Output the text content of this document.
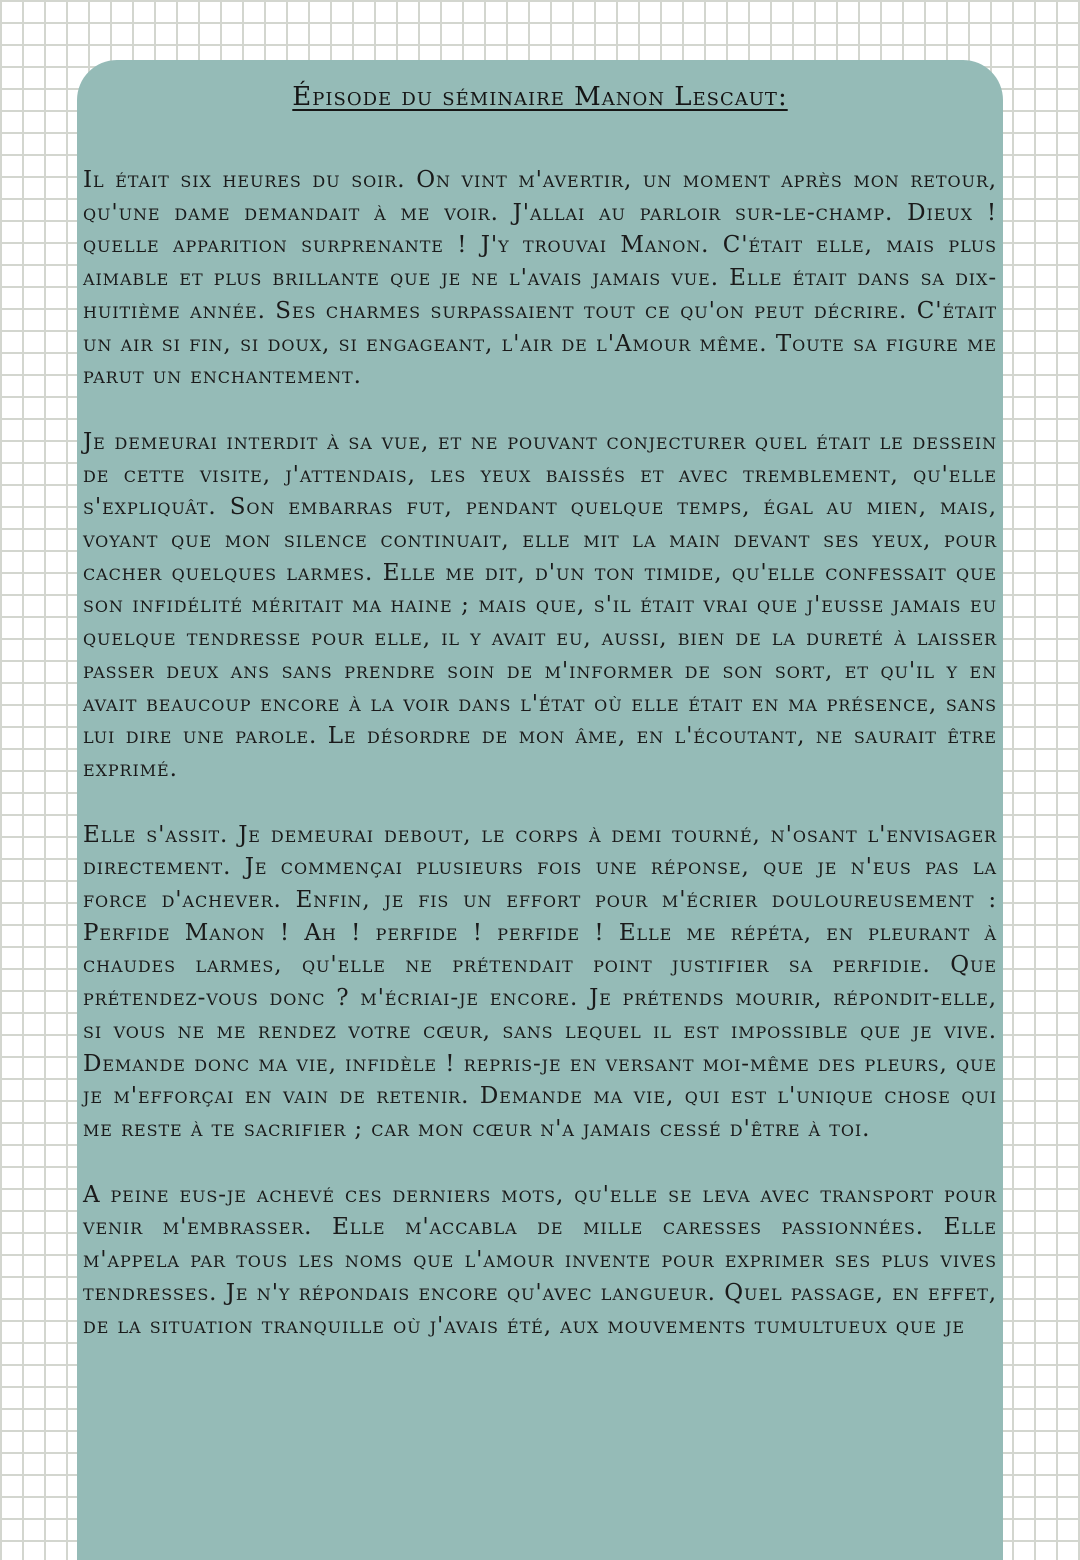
Épisode du séminaire Manon Lescaut:

Il était six heures du soir. On vint m'avertir, un moment après mon retour, qu'une dame demandait à me voir. J'allai au parloir sur-le-champ. Dieux ! quelle apparition surprenante ! J'y trouvai Manon. C'était elle, mais plus aimable et plus brillante que je ne l'avais jamais vue. Elle était dans sa dix-huitième année. Ses charmes surpassaient tout ce qu'on peut décrire. C'était un air si fin, si doux, si engageant, l'air de l'Amour même. Toute sa figure me parut un enchantement.

Je demeurai interdit à sa vue, et ne pouvant conjecturer quel était le dessein de cette visite, j'attendais, les yeux baissés et avec tremblement, qu'elle s'expliquât. Son embarras fut, pendant quelque temps, égal au mien, mais, voyant que mon silence continuait, elle mit la main devant ses yeux, pour cacher quelques larmes. Elle me dit, d'un ton timide, qu'elle confessait que son infidélité méritait ma haine ; mais que, s'il était vrai que j'eusse jamais eu quelque tendresse pour elle, il y avait eu, aussi, bien de la dureté à laisser passer deux ans sans prendre soin de m'informer de son sort, et qu'il y en avait beaucoup encore à la voir dans l'état où elle était en ma présence, sans lui dire une parole. Le désordre de mon âme, en l'écoutant, ne saurait être exprimé.

Elle s'assit. Je demeurai debout, le corps à demi tourné, n'osant l'envisager directement. Je commençai plusieurs fois une réponse, que je n'eus pas la force d'achever. Enfin, je fis un effort pour m'écrier douloureusement : Perfide Manon ! Ah ! perfide ! perfide ! Elle me répéta, en pleurant à chaudes larmes, qu'elle ne prétendait point justifier sa perfidie. Que prétendez-vous donc ? m'écriai-je encore. Je prétends mourir, répondit-elle, si vous ne me rendez votre cœur, sans lequel il est impossible que je vive. Demande donc ma vie, infidèle ! repris-je en versant moi-même des pleurs, que je m'efforçai en vain de retenir. Demande ma vie, qui est l'unique chose qui me reste à te sacrifier ; car mon cœur n'a jamais cessé d'être à toi.

A peine eus-je achevé ces derniers mots, qu'elle se leva avec transport pour venir m'embrasser. Elle m'accabla de mille caresses passionnées. Elle m'appela par tous les noms que l'amour invente pour exprimer ses plus vives tendresses. Je n'y répondais encore qu'avec langueur. Quel passage, en effet, de la situation tranquille où j'avais été, aux mouvements tumultueux que je
